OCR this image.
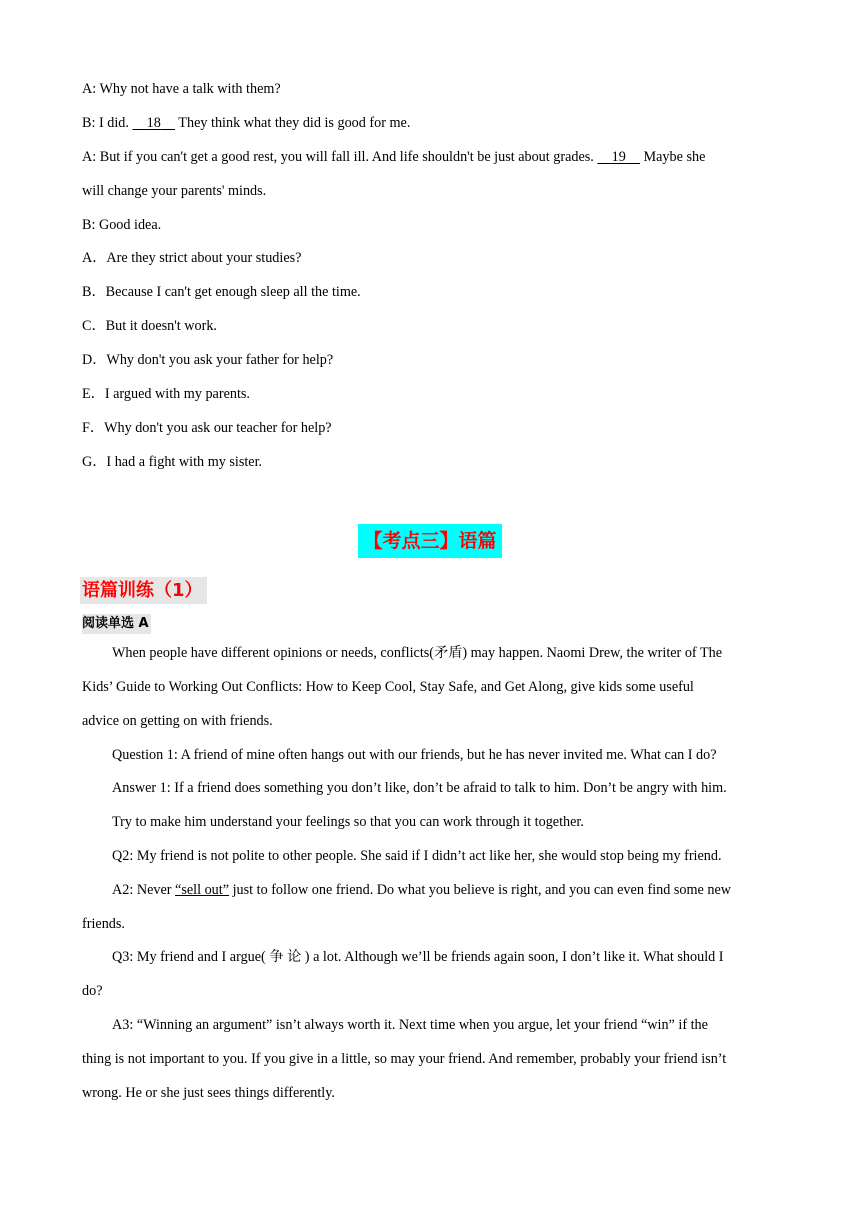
A: Why not have a talk with them?
B: I did.     18     They think what they did is good for me.
A: But if you can't get a good rest, you will fall ill. And life shouldn't be just about grades.     19     Maybe she
will change your parents' minds.
B: Good idea.
A．Are they strict about your studies?
B．Because I can't get enough sleep all the time.
C．But it doesn't work.
D．Why don't you ask your father for help?
E．I argued with my parents.
F．Why don't you ask our teacher for help?
G．I had a fight with my sister.
【考点三】语篇
语篇训练（1）
阅读单选 A
When people have different opinions or needs, conflicts(矛盾) may happen. Naomi Drew, the writer of The
Kids’ Guide to Working Out Conflicts: How to Keep Cool, Stay Safe, and Get Along, give kids some useful
advice on getting on with friends.
Question 1: A friend of mine often hangs out with our friends, but he has never invited me. What can I do?
Answer 1: If a friend does something you don’t like, don’t be afraid to talk to him. Don’t be angry with him.
Try to make him understand your feelings so that you can work through it together.
Q2: My friend is not polite to other people. She said if I didn’t act like her, she would stop being my friend.
A2: Never “sell out” just to follow one friend. Do what you believe is right, and you can even find some new
friends.
Q3: My friend and I argue( 争 论 ) a lot. Although we’ll be friends again soon, I don’t like it. What should I
do?
A3: “Winning an argument” isn’t always worth it. Next time when you argue, let your friend “win” if the
thing is not important to you. If you give in a little, so may your friend. And remember, probably your friend isn’t
wrong. He or she just sees things differently.
